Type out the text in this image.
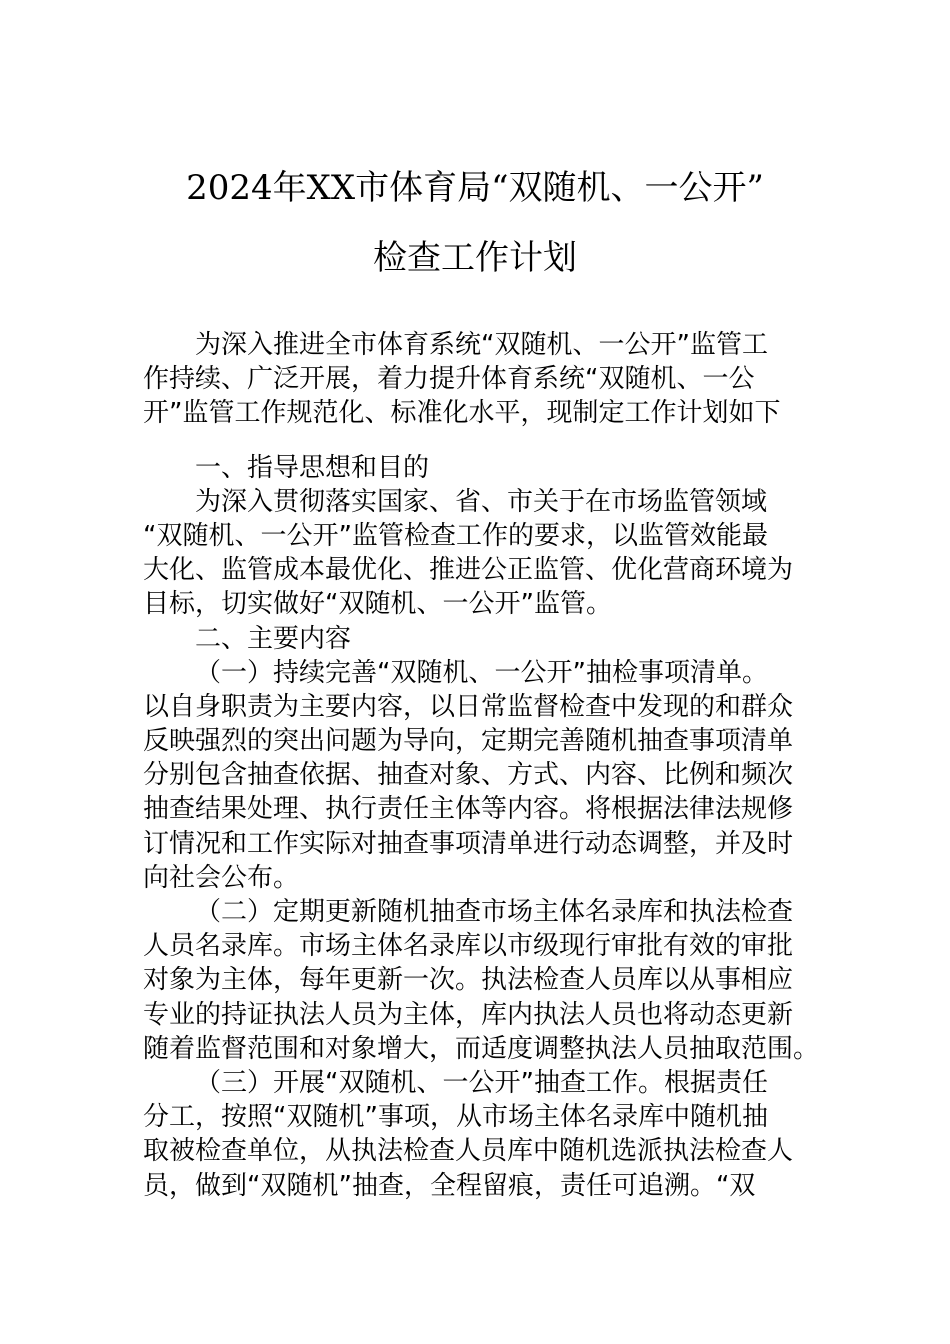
2024年XX市体育局“双随机、一公开”
检查工作计划
为深入推进全市体育系统“双随机、一公开”监管工
作持续、广泛开展，着力提升体育系统“双随机、一公
开”监管工作规范化、标准化水平，现制定工作计划如下
一、指导思想和目的
为深入贯彻落实国家、省、市关于在市场监管领域
“双随机、一公开”监管检查工作的要求，以监管效能最
大化、监管成本最优化、推进公正监管、优化营商环境为
目标，切实做好“双随机、一公开”监管。
二、主要内容
（一）持续完善“双随机、一公开”抽检事项清单。
以自身职责为主要内容，以日常监督检查中发现的和群众
反映强烈的突出问题为导向，定期完善随机抽查事项清单
分别包含抽查依据、抽查对象、方式、内容、比例和频次
抽查结果处理、执行责任主体等内容。将根据法律法规修
订情况和工作实际对抽查事项清单进行动态调整，并及时
向社会公布。
（二）定期更新随机抽查市场主体名录库和执法检查
人员名录库。市场主体名录库以市级现行审批有效的审批
对象为主体，每年更新一次。执法检查人员库以从事相应
专业的持证执法人员为主体，库内执法人员也将动态更新
随着监督范围和对象增大，而适度调整执法人员抽取范围。
（三）开展“双随机、一公开”抽查工作。根据责任
分工，按照“双随机”事项，从市场主体名录库中随机抽
取被检查单位，从执法检查人员库中随机选派执法检查人
员，做到“双随机”抽查，全程留痕，责任可追溯。“双
